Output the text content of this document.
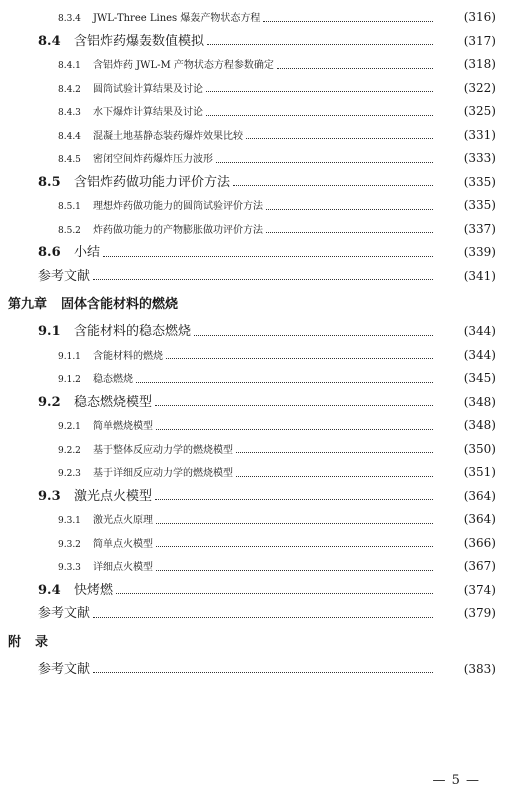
8.3.4 JWL-Three Lines 爆轰产物状态方程	(316)
8.4 含铝炸药爆轰数值模拟	(317)
8.4.1 含铝炸药 JWL-M 产物状态方程参数确定	(318)
8.4.2 圆筒试验计算结果及讨论	(322)
8.4.3 水下爆炸计算结果及讨论	(325)
8.4.4 混凝土地基静态装药爆炸效果比较	(331)
8.4.5 密闭空间炸药爆炸压力波形	(333)
8.5 含铝炸药做功能力评价方法	(335)
8.5.1 理想炸药做功能力的圆筒试验评价方法	(335)
8.5.2 炸药做功能力的产物膨胀做功评价方法	(337)
8.6 小结	(339)
参考文献	(341)
第九章 固体含能材料的燃烧
9.1 含能材料的稳态燃烧	(344)
9.1.1 含能材料的燃烧	(344)
9.1.2 稳态燃烧	(345)
9.2 稳态燃烧模型	(348)
9.2.1 简单燃烧模型	(348)
9.2.2 基于整体反应动力学的燃烧模型	(350)
9.2.3 基于详细反应动力学的燃烧模型	(351)
9.3 激光点火模型	(364)
9.3.1 激光点火原理	(364)
9.3.2 简单点火模型	(366)
9.3.3 详细点火模型	(367)
9.4 快烤燃	(374)
参考文献	(379)
附 录
参考文献	(383)
— 5 —
